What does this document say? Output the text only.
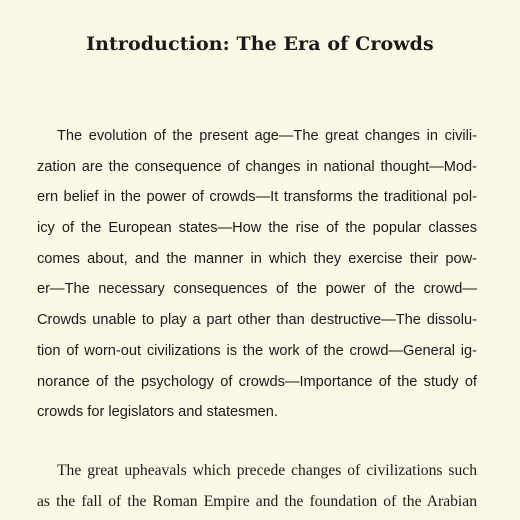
Introduction: The Era of Crowds
The evolution of the present age—The great changes in civili-
zation are the consequence of changes in national thought—Mod-
ern belief in the power of crowds—It transforms the traditional pol-
icy of the European states—How the rise of the popular classes
comes about, and the manner in which they exercise their pow-
er—The necessary consequences of the power of the crowd—
Crowds unable to play a part other than destructive—The dissolu-
tion of worn-out civilizations is the work of the crowd—General ig-
norance of the psychology of crowds—Importance of the study of
crowds for legislators and statesmen.
The great upheavals which precede changes of civilizations such
as the fall of the Roman Empire and the foundation of the Arabian
